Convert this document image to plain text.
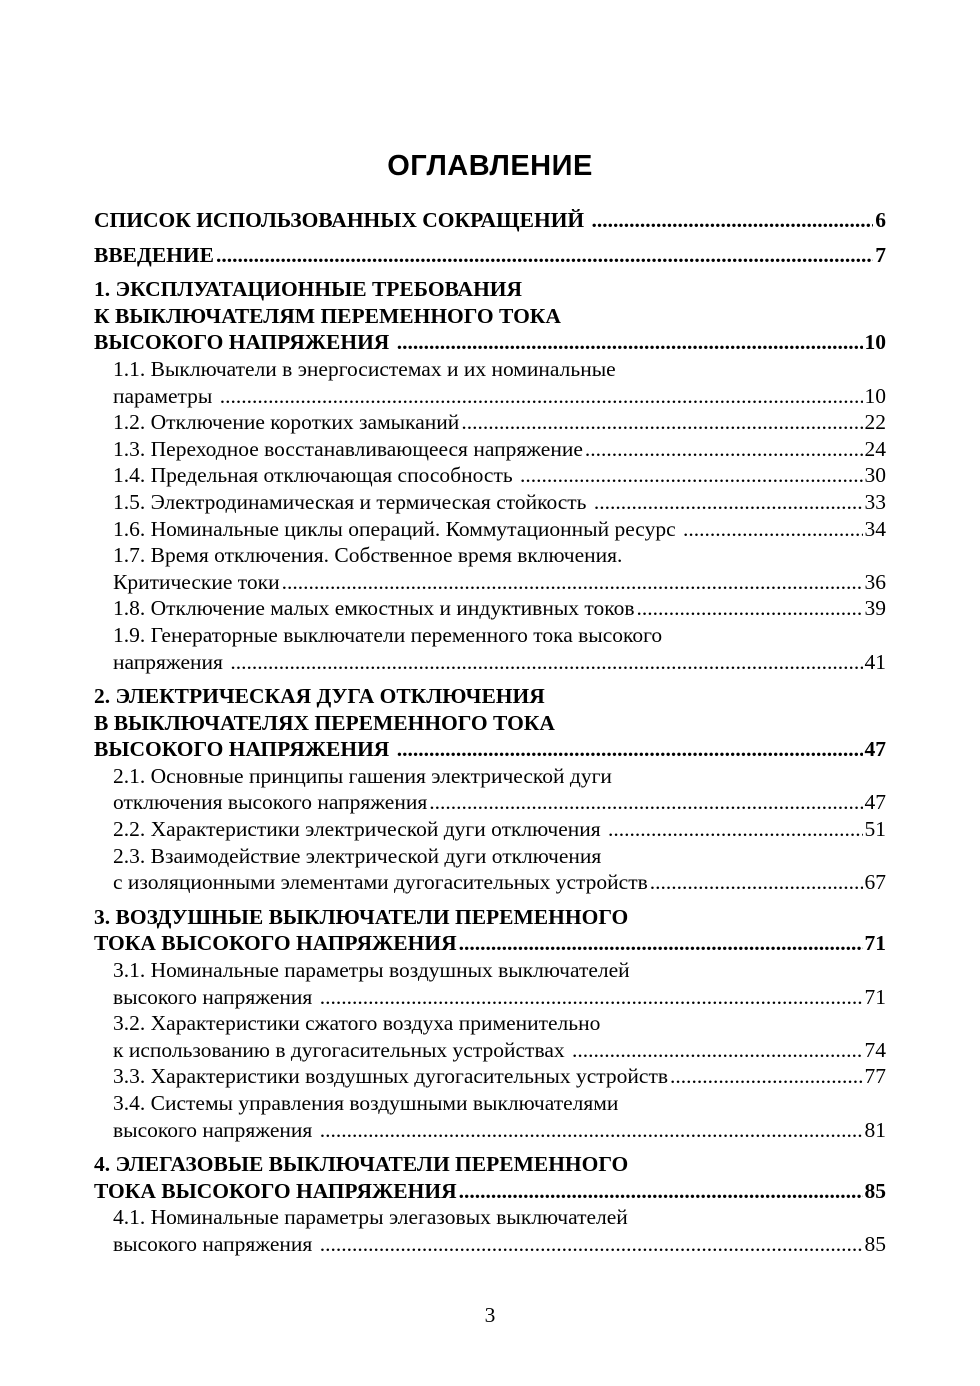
ОГЛАВЛЕНИЕ
СПИСОК ИСПОЛЬЗОВАННЫХ СОКРАЩЕНИЙ .....	6
ВВЕДЕНИЕ .....	7
1. ЭКСПЛУАТАЦИОННЫЕ ТРЕБОВАНИЯ
К ВЫКЛЮЧАТЕЛЯМ ПЕРЕМЕННОГО ТОКА
ВЫСОКОГО НАПРЯЖЕНИЯ .....	10
1.1. Выключатели в энергосистемах и их номинальные
параметры .....	10
1.2. Отключение коротких замыканий .....	22
1.3. Переходное восстанавливающееся напряжение .....	24
1.4. Предельная отключающая способность .....	30
1.5. Электродинамическая и термическая стойкость .....	33
1.6. Номинальные циклы операций. Коммутационный ресурс .....	34
1.7. Время отключения. Собственное время включения.
Критические токи .....	36
1.8. Отключение малых емкостных и индуктивных токов .....	39
1.9. Генераторные выключатели переменного тока высокого
напряжения .....	41
2. ЭЛЕКТРИЧЕСКАЯ ДУГА ОТКЛЮЧЕНИЯ
В ВЫКЛЮЧАТЕЛЯХ ПЕРЕМЕННОГО ТОКА
ВЫСОКОГО НАПРЯЖЕНИЯ .....	47
2.1. Основные принципы гашения электрической дуги
отключения высокого напряжения .....	47
2.2. Характеристики электрической дуги отключения .....	51
2.3. Взаимодействие электрической дуги отключения
с изоляционными элементами дугогасительных устройств .....	67
3. ВОЗДУШНЫЕ ВЫКЛЮЧАТЕЛИ ПЕРЕМЕННОГО
ТОКА ВЫСОКОГО НАПРЯЖЕНИЯ .....	71
3.1. Номинальные параметры воздушных выключателей
высокого напряжения .....	71
3.2. Характеристики сжатого воздуха применительно
к использованию в дугогасительных устройствах .....	74
3.3. Характеристики воздушных дугогасительных устройств .....	77
3.4. Системы управления воздушными выключателями
высокого напряжения .....	81
4. ЭЛЕГАЗОВЫЕ ВЫКЛЮЧАТЕЛИ ПЕРЕМЕННОГО
ТОКА ВЫСОКОГО НАПРЯЖЕНИЯ .....	85
4.1. Номинальные параметры элегазовых выключателей
высокого напряжения .....	85
3
